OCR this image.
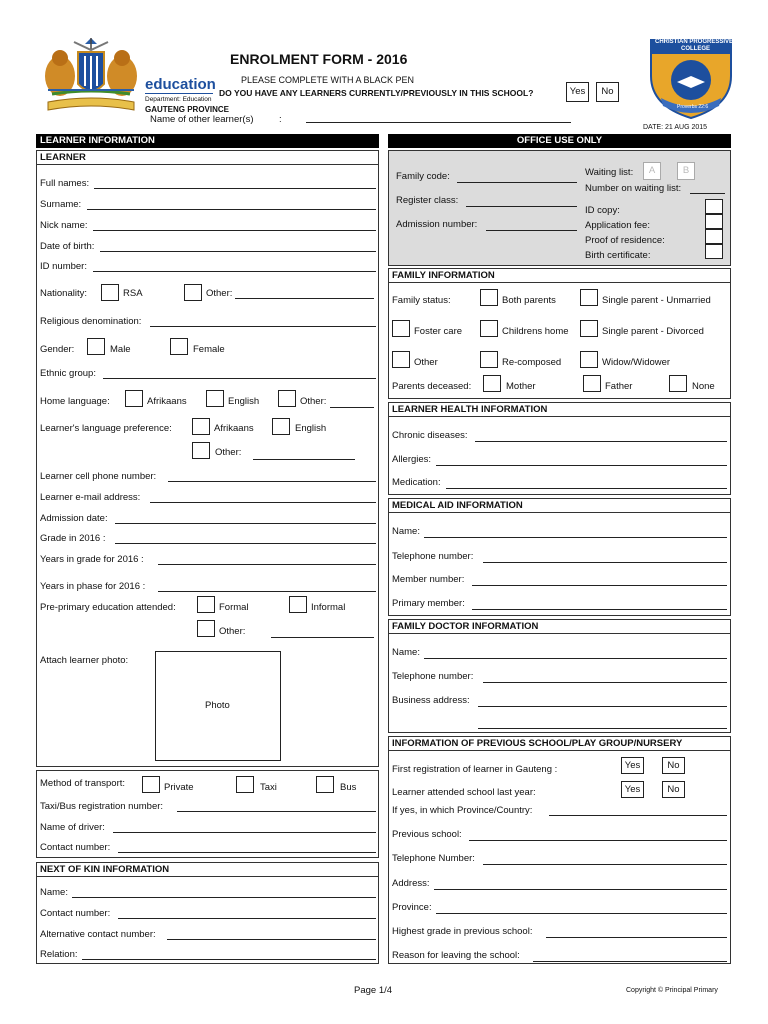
education
Department: Education
GAUTENG PROVINCE
ENROLMENT FORM - 2016
PLEASE COMPLETE WITH A BLACK PEN
DO YOU HAVE ANY LEARNERS CURRENTLY/PREVIOUSLY IN THIS SCHOOL?	Yes	No
Name of other learner(s)	:
CHRISTIAN PROGRESSIVE
COLLEGE
Proverbs 22:6
DATE: 21 AUG 2015
LEARNER INFORMATION
LEARNER
Full names:
Surname:
Nick name:
Date of birth:
ID number:
Nationality:	RSA	Other:
Religious denomination:
Gender:	Male	Female
Ethnic group:
Home language:	Afrikaans	English	Other:
Learner's language preference:	Afrikaans	English
Other:
Learner cell phone number:
Learner e-mail address:
Admission date:
Grade in 2016 :
Years in grade for 2016 :
Years in phase for 2016 :
Pre-primary education attended:	Formal	Informal
Other:
Attach learner photo:
Photo
Method of transport:	Private	Taxi	Bus
Taxi/Bus registration number:
Name of driver:
Contact number:
NEXT OF KIN INFORMATION
Name:
Contact number:
Alternative contact number:
Relation:
OFFICE USE ONLY
Family code:
Register class:
Admission number:
Waiting list:	A	B
Number on waiting list:
ID copy:
Application fee:
Proof of residence:
Birth certificate:
FAMILY INFORMATION
Family status:	Both parents	Single parent - Unmarried
Foster care	Childrens home	Single parent - Divorced
Other	Re-composed	Widow/Widower
Parents deceased:	Mother	Father	None
LEARNER HEALTH INFORMATION
Chronic diseases:
Allergies:
Medication:
MEDICAL AID INFORMATION
Name:
Telephone number:
Member number:
Primary member:
FAMILY DOCTOR INFORMATION
Name:
Telephone number:
Business address:
INFORMATION OF PREVIOUS SCHOOL/PLAY GROUP/NURSERY
First registration of learner in Gauteng :	Yes	No
Learner attended school last year:	Yes	No
If yes, in which Province/Country:
Previous school:
Telephone Number:
Address:
Province:
Highest grade in previous school:
Reason for leaving the school:
Page 1/4	Copyright © Principal Primary
